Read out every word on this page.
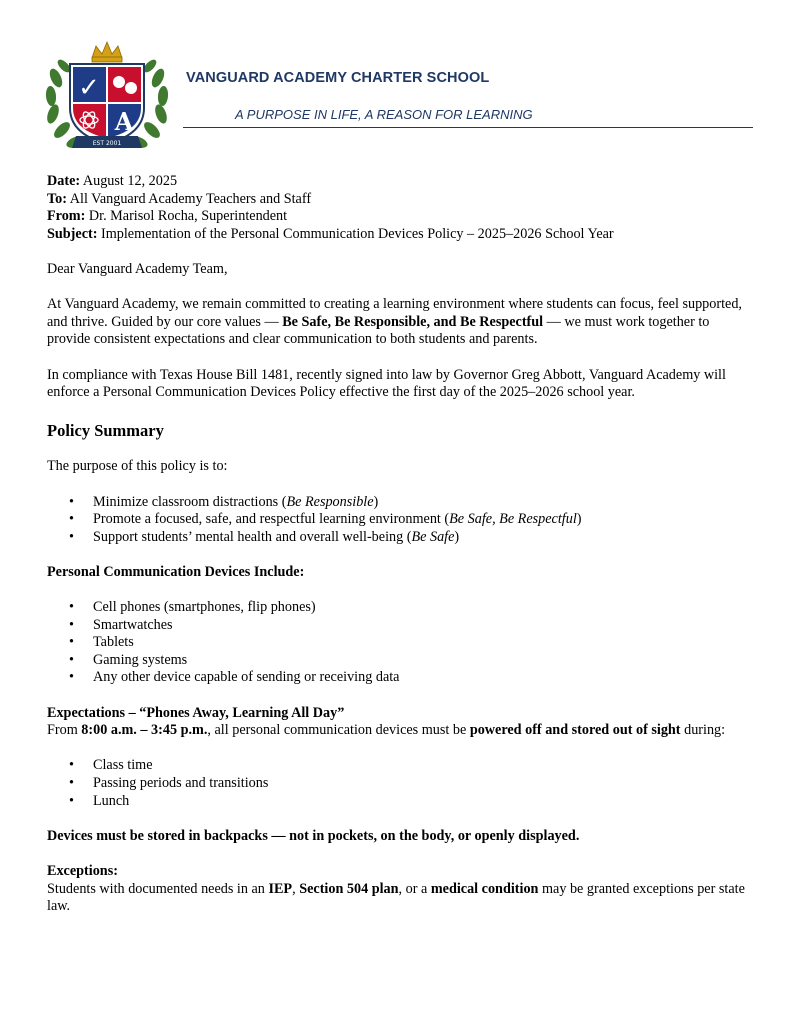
✓
A
EST 2001
VANGUARD ACADEMY CHARTER SCHOOL
A PURPOSE IN LIFE, A REASON FOR LEARNING

Date: August 12, 2025

To: All Vanguard Academy Teachers and Staff

From: Dr. Marisol Rocha, Superintendent

Subject: Implementation of the Personal Communication Devices Policy – 2025–2026 School Year

Dear Vanguard Academy Team,

At Vanguard Academy, we remain committed to creating a learning environment where students can focus, feel supported, and thrive. Guided by our core values — Be Safe, Be Responsible, and Be Respectful — we must work together to provide consistent expectations and clear communication to both students and parents.

In compliance with Texas House Bill 1481, recently signed into law by Governor Greg Abbott, Vanguard Academy will enforce a Personal Communication Devices Policy effective the first day of the 2025–2026 school year.

Policy Summary

The purpose of this policy is to:

• Minimize classroom distractions (Be Responsible)
• Promote a focused, safe, and respectful learning environment (Be Safe, Be Respectful)
• Support students’ mental health and overall well-being (Be Safe)

Personal Communication Devices Include:

• Cell phones (smartphones, flip phones)
• Smartwatches
• Tablets
• Gaming systems
• Any other device capable of sending or receiving data

Expectations – “Phones Away, Learning All Day”

From 8:00 a.m. – 3:45 p.m., all personal communication devices must be powered off and stored out of sight during:

• Class time
• Passing periods and transitions
• Lunch

Devices must be stored in backpacks — not in pockets, on the body, or openly displayed.

Exceptions:

Students with documented needs in an IEP, Section 504 plan, or a medical condition may be granted exceptions per state law.
